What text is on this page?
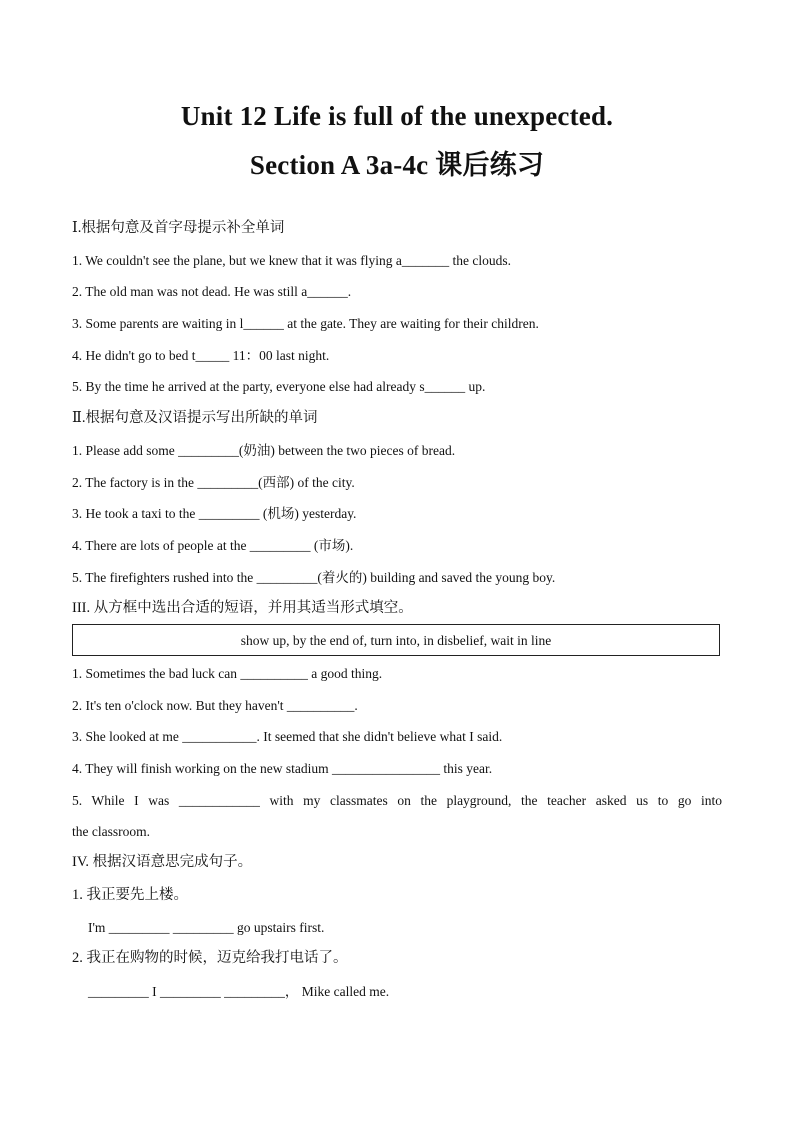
Unit 12 Life is full of the unexpected.
Section A 3a-4c 课后练习
Ⅰ.根据句意及首字母提示补全单词
1. We couldn't see the plane, but we knew that it was flying a_______ the clouds.
2. The old man was not dead. He was still a______.
3. Some parents are waiting in l______ at the gate. They are waiting for their children.
4. He didn't go to bed t_____ 11：00 last night.
5. By the time he arrived at the party, everyone else had already s______ up.
Ⅱ.根据句意及汉语提示写出所缺的单词
1. Please add some _________(奶油) between the two pieces of bread.
2. The factory is in the _________(西部) of the city.
3. He took a taxi to the _________ (机场) yesterday.
4. There are lots of people at the _________ (市场).
5. The firefighters rushed into the _________(着火的) building and saved the young boy.
III. 从方框中选出合适的短语，并用其适当形式填空。
show up, by the end of, turn into, in disbelief, wait in line
1. Sometimes the bad luck can __________ a good thing.
2. It's ten o'clock now. But they haven't __________.
3. She looked at me ___________. It seemed that she didn't believe what I said.
4. They will finish working on the new stadium ________________ this year.
5. While I was ____________ with my classmates on the playground, the teacher asked us to go into
the classroom.
IV. 根据汉语意思完成句子。
1. 我正要先上楼。
I'm _________ _________ go upstairs first.
2. 我正在购物的时候，迈克给我打电话了。
_________ I _________ _________， Mike called me.
